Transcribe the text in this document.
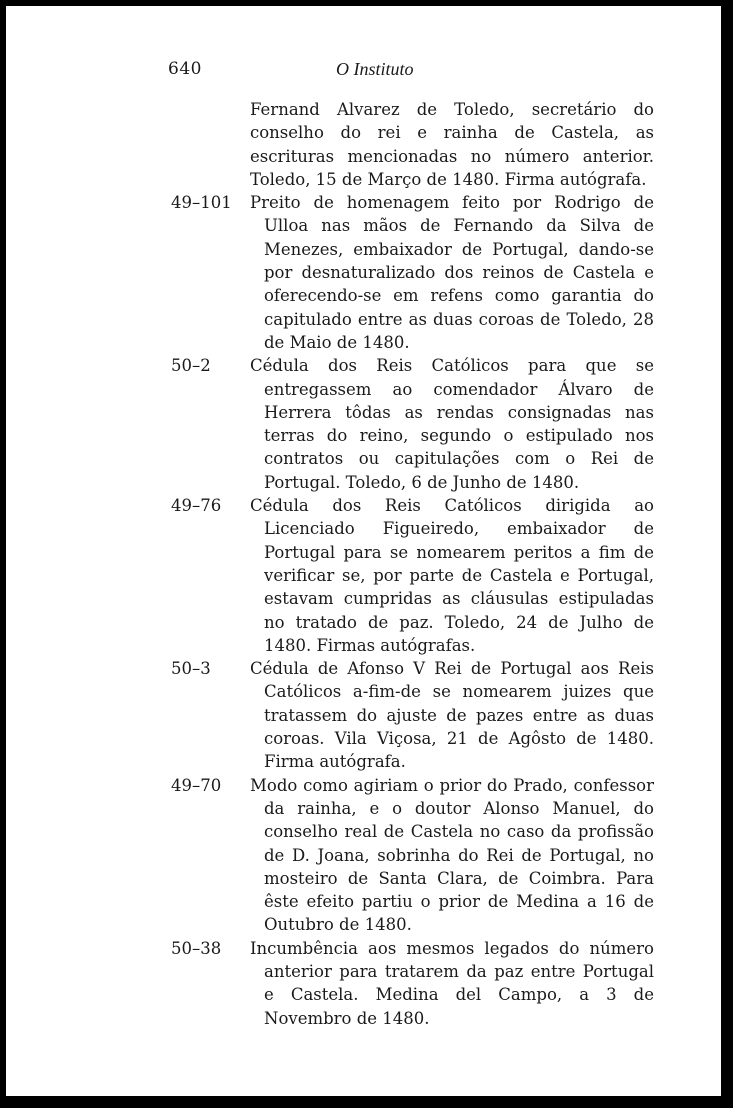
640	O Instituto
Fernand Alvarez de Toledo, secretário do conselho do rei e rainha de Castela, as escrituras mencionadas no número anterior. Toledo, 15 de Março de 1480. Firma autógrafa.
49–101 Preito de homenagem feito por Rodrigo de Ulloa nas mãos de Fernando da Silva de Menezes, embaixador de Portugal, dando-se por desnaturalizado dos reinos de Castela e oferecendo-se em refens como garantia do capitulado entre as duas coroas de Toledo, 28 de Maio de 1480.
50–2 Cédula dos Reis Católicos para que se entregassem ao comendador Álvaro de Herrera tôdas as rendas consignadas nas terras do reino, segundo o estipulado nos contratos ou capitulações com o Rei de Portugal. Toledo, 6 de Junho de 1480.
49–76 Cédula dos Reis Católicos dirigida ao Licenciado Figueiredo, embaixador de Portugal para se nomearem peritos a fim de verificar se, por parte de Castela e Portugal, estavam cumpridas as cláusulas estipuladas no tratado de paz. Toledo, 24 de Julho de 1480. Firmas autógrafas.
50–3 Cédula de Afonso V Rei de Portugal aos Reis Católicos a-fim-de se nomearem juizes que tratassem do ajuste de pazes entre as duas coroas. Vila Viçosa, 21 de Agôsto de 1480. Firma autógrafa.
49–70 Modo como agiriam o prior do Prado, confessor da rainha, e o doutor Alonso Manuel, do conselho real de Castela no caso da profissão de D. Joana, sobrinha do Rei de Portugal, no mosteiro de Santa Clara, de Coimbra. Para êste efeito partiu o prior de Medina a 16 de Outubro de 1480.
50–38 Incumbência aos mesmos legados do número anterior para tratarem da paz entre Portugal e Castela. Medina del Campo, a 3 de Novembro de 1480.
